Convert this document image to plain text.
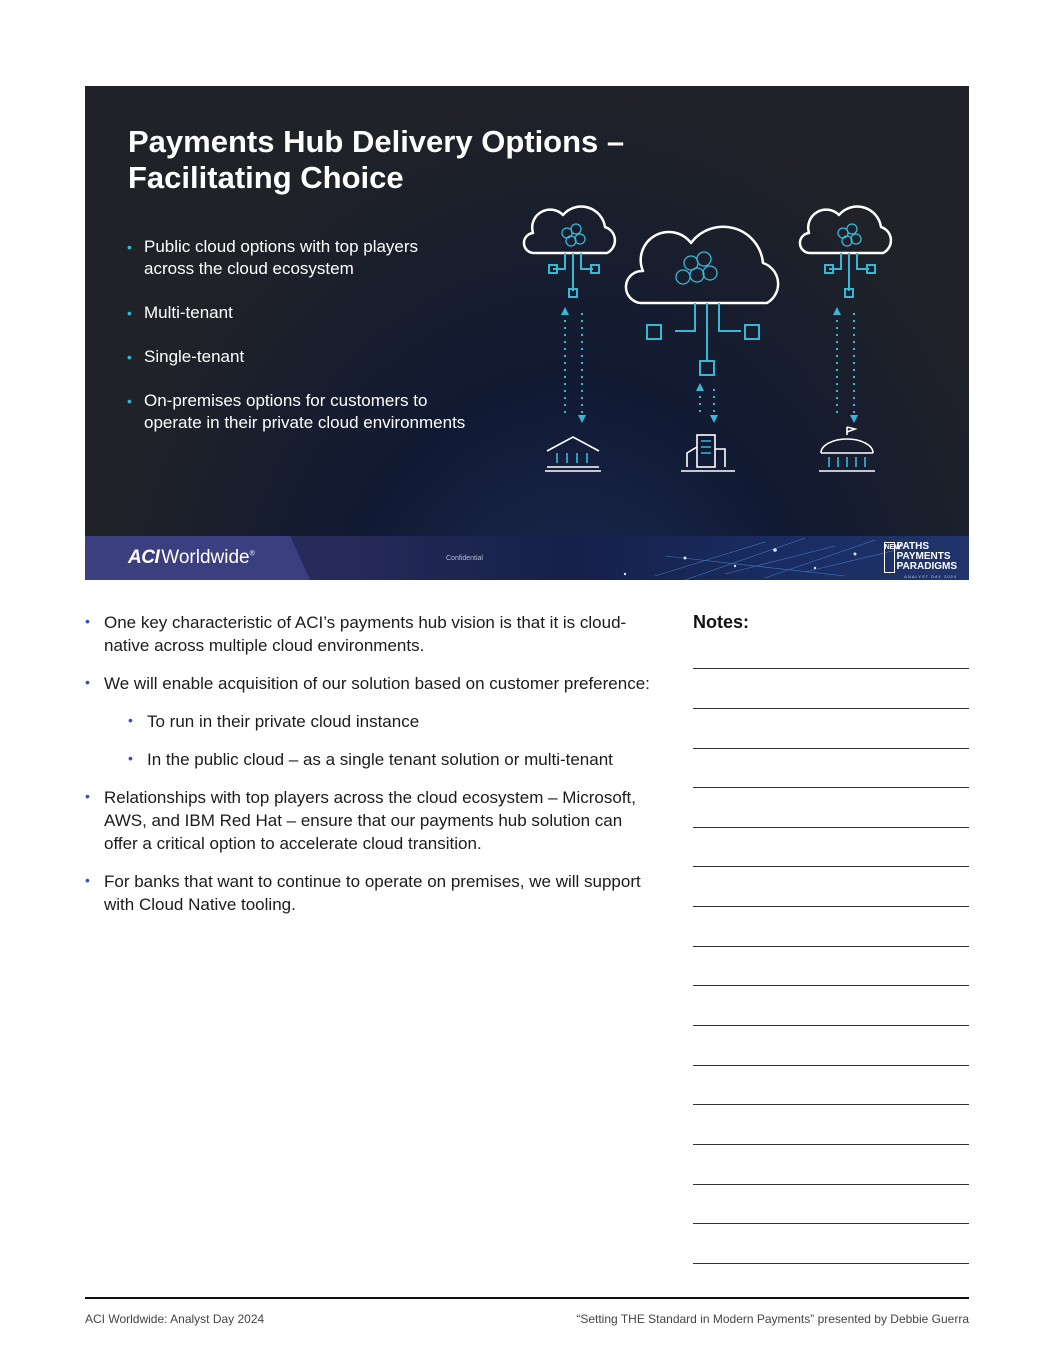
Payments Hub Delivery Options –
Facilitating Choice
• Public cloud options with top players across the cloud ecosystem
• Multi-tenant
• Single-tenant
• On-premises options for customers to operate in their private cloud environments
ACI Worldwide®
Confidential
NEWPATHS
PAYMENTS
PARADIGMS
ANALYST DAY 2024
• One key characteristic of ACI’s payments hub vision is that it is cloud-native across multiple cloud environments.
• We will enable acquisition of our solution based on customer preference:
• To run in their private cloud instance
• In the public cloud – as a single tenant solution or multi-tenant
• Relationships with top players across the cloud ecosystem – Microsoft, AWS, and IBM Red Hat – ensure that our payments hub solution can offer a critical option to accelerate cloud transition.
• For banks that want to continue to operate on premises, we will support with Cloud Native tooling.
Notes:
ACI Worldwide: Analyst Day 2024	“Setting THE Standard in Modern Payments” presented by Debbie Guerra
